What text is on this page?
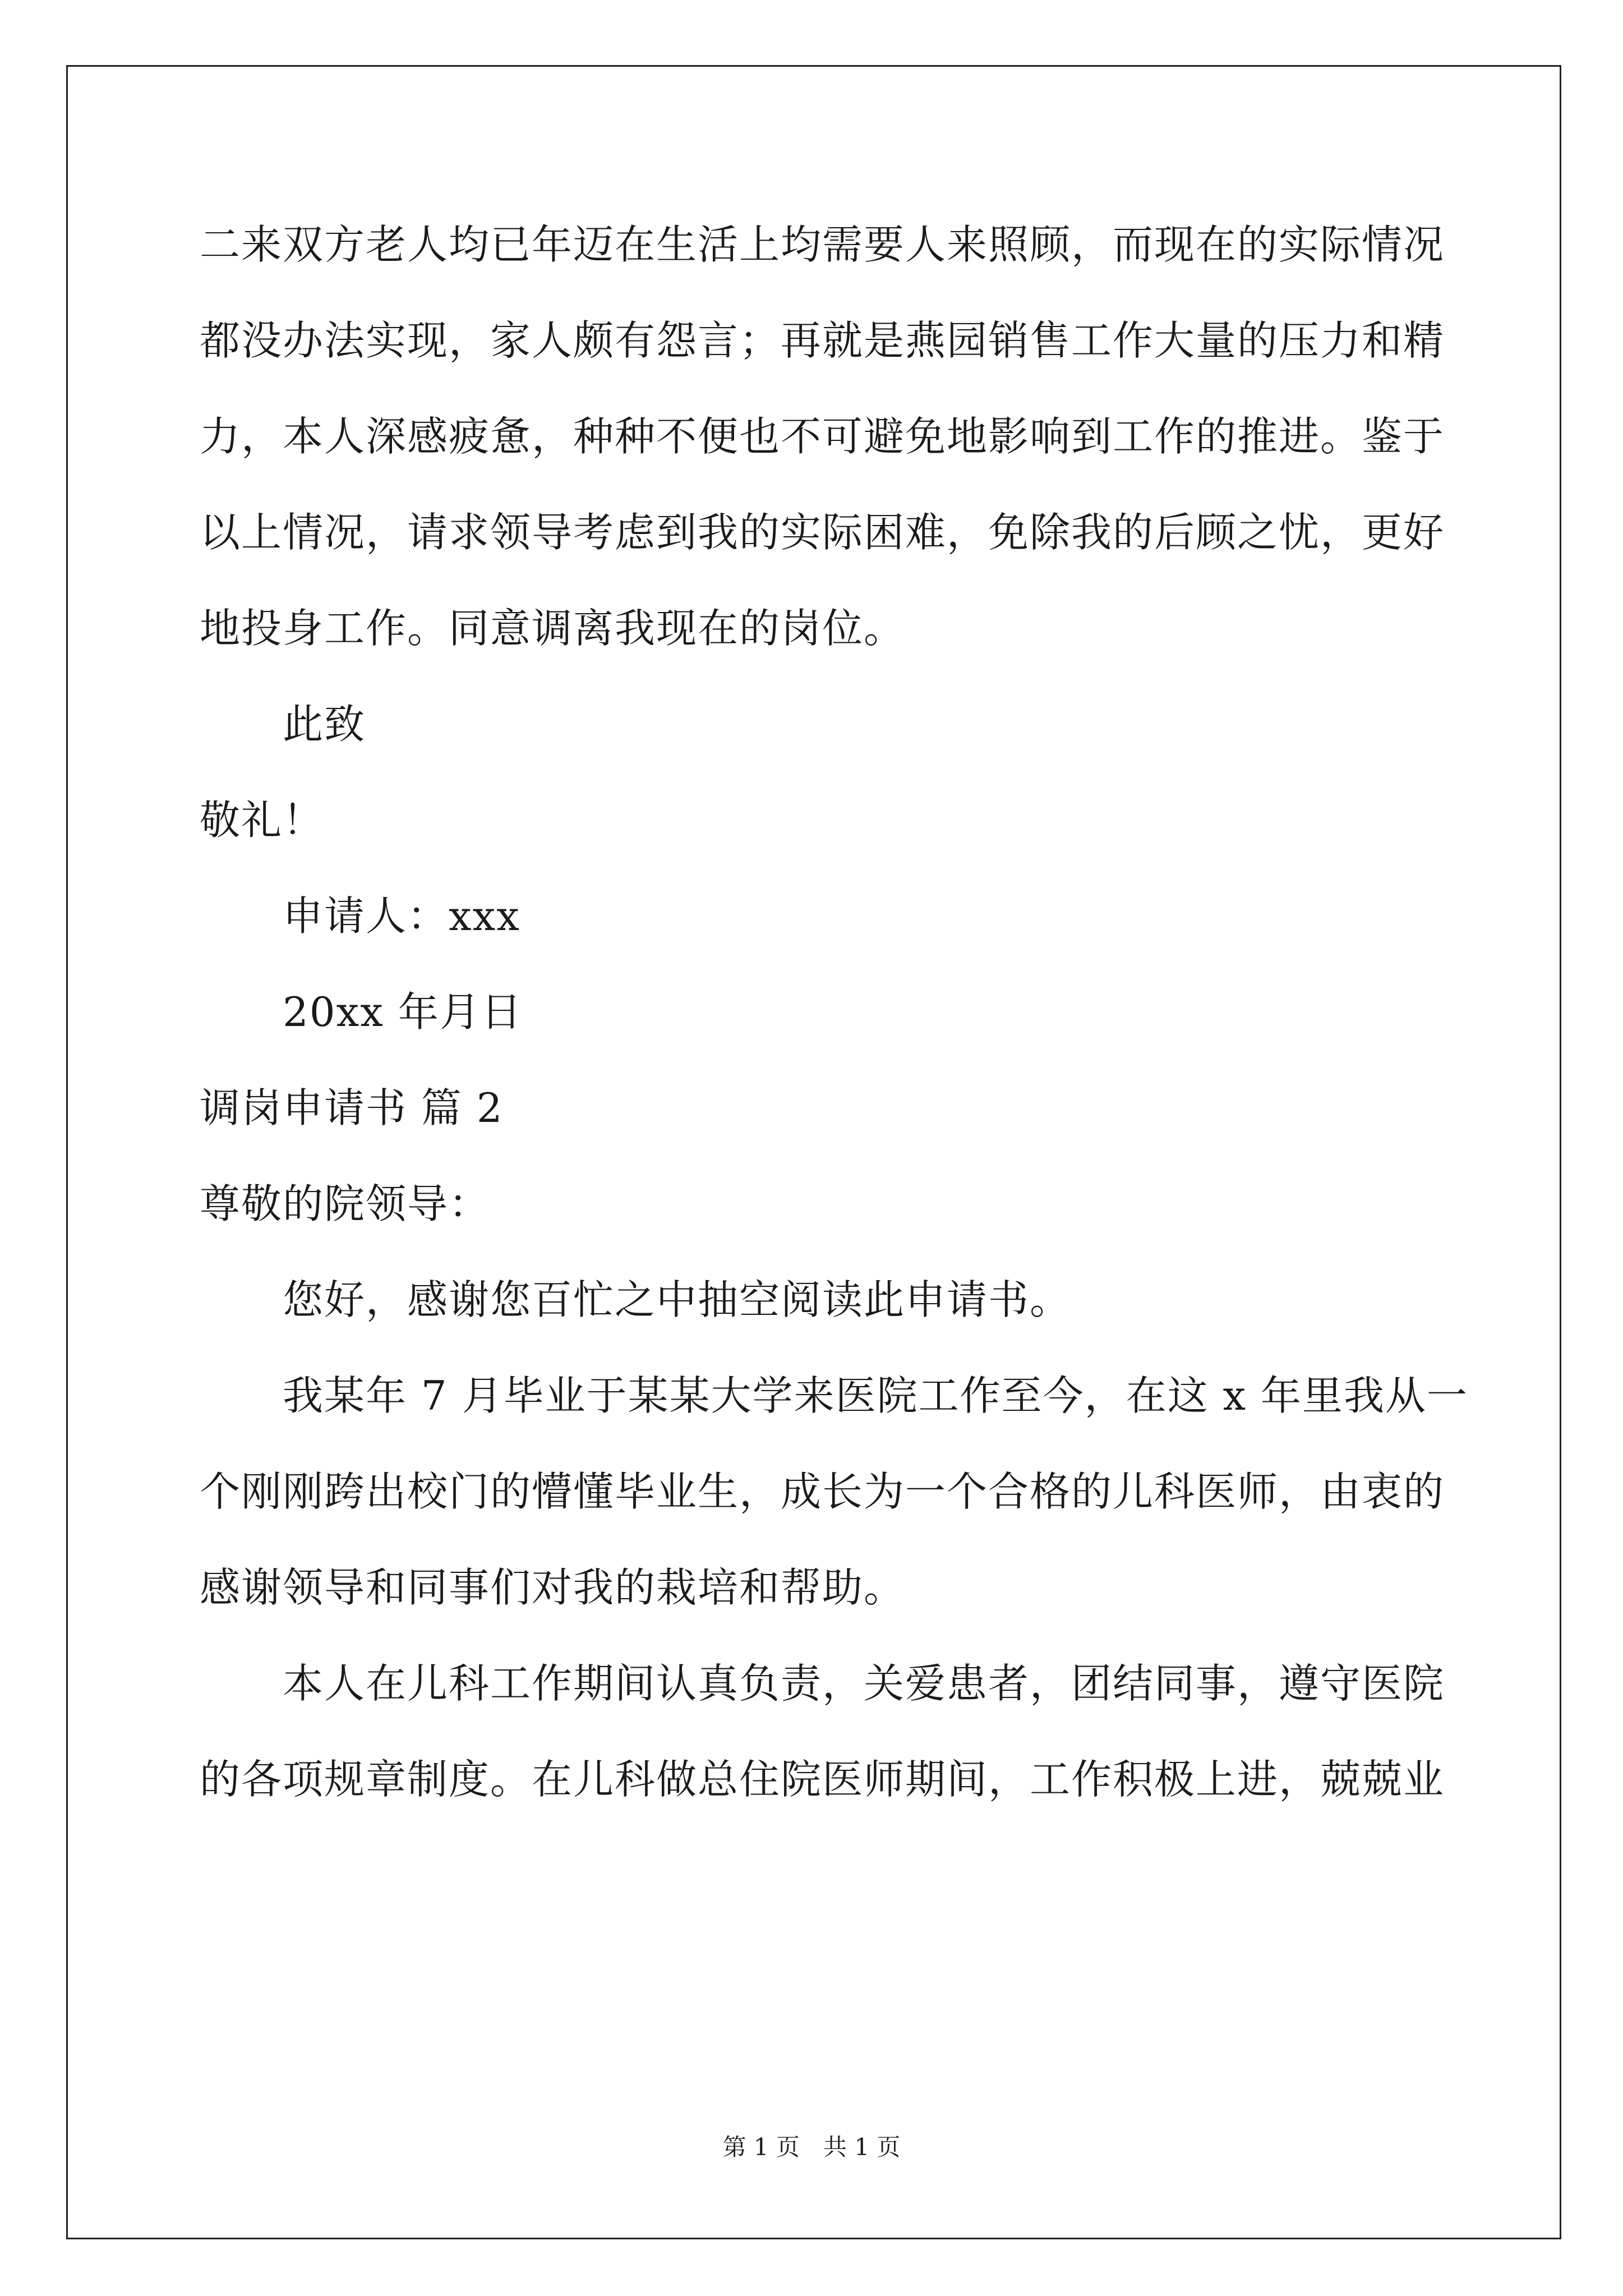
二来双方老人均已年迈在生活上均需要人来照顾，而现在的实际情况
都没办法实现，家人颇有怨言；再就是燕园销售工作大量的压力和精
力，本人深感疲惫，种种不便也不可避免地影响到工作的推进。鉴于
以上情况，请求领导考虑到我的实际困难，免除我的后顾之忧，更好
地投身工作。同意调离我现在的岗位。
此致
敬礼！
申请人：xxx
20xx 年月日
调岗申请书 篇 2
尊敬的院领导：
您好，感谢您百忙之中抽空阅读此申请书。
我某年 7 月毕业于某某大学来医院工作至今，在这 x 年里我从一
个刚刚跨出校门的懵懂毕业生，成长为一个合格的儿科医师，由衷的
感谢领导和同事们对我的栽培和帮助。
本人在儿科工作期间认真负责，关爱患者，团结同事，遵守医院
的各项规章制度。在儿科做总住院医师期间，工作积极上进，兢兢业
第 1 页　共 1 页
